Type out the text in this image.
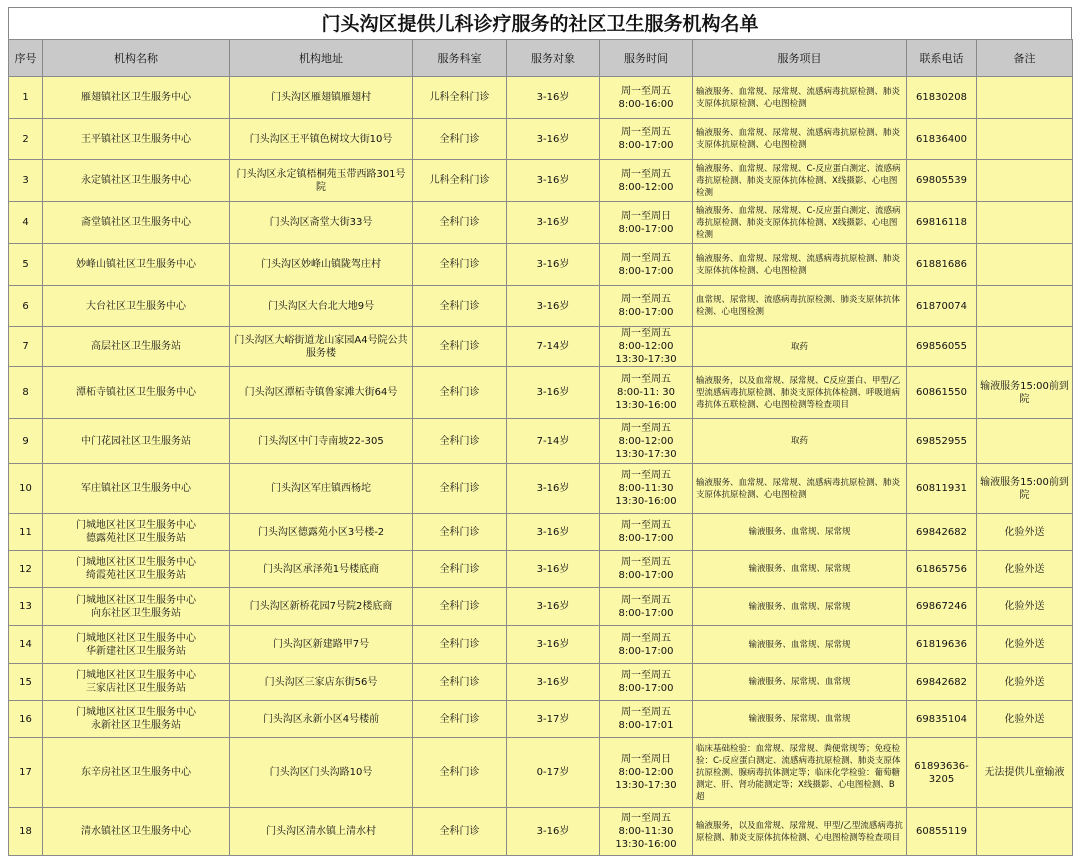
门头沟区提供儿科诊疗服务的社区卫生服务机构名单
序号	机构名称	机构地址	服务科室	服务对象	服务时间	服务项目	联系电话	备注
1	雁翅镇社区卫生服务中心	门头沟区雁翅镇雁翅村	儿科全科门诊	3-16岁	周一至周五
8:00-16:00	输液服务、血常规、尿常规、流感病毒抗原检测、肺炎支原体抗原检测、心电图检测	61830208	
2	王平镇社区卫生服务中心	门头沟区王平镇色树坟大街10号	全科门诊	3-16岁	周一至周五
8:00-17:00	输液服务、血常规、尿常规、流感病毒抗原检测、肺炎支原体抗原检测、心电图检测	61836400	
3	永定镇社区卫生服务中心	门头沟区永定镇梧桐苑玉带西路301号院	儿科全科门诊	3-16岁	周一至周五
8:00-12:00	输液服务、血常规、尿常规、C-反应蛋白测定、流感病毒抗原检测、肺炎支原体抗体检测、X线摄影、心电图检测	69805539	
4	斋堂镇社区卫生服务中心	门头沟区斋堂大街33号	全科门诊	3-16岁	周一至周日
8:00-17:00	输液服务、血常规、尿常规、C-反应蛋白测定、流感病毒抗原检测、肺炎支原体抗体检测、X线摄影、心电图检测	69816118	
5	妙峰山镇社区卫生服务中心	门头沟区妙峰山镇陇驾庄村	全科门诊	3-16岁	周一至周五
8:00-17:00	输液服务、血常规、尿常规、流感病毒抗原检测、肺炎支原体抗体检测、心电图检测	61881686	
6	大台社区卫生服务中心	门头沟区大台北大地9号	全科门诊	3-16岁	周一至周五
8:00-17:00	血常规、尿常规、流感病毒抗原检测、肺炎支原体抗体检测、心电图检测	61870074	
7	高层社区卫生服务站	门头沟区大峪街道龙山家园A4号院公共服务楼	全科门诊	7-14岁	周一至周五
8:00-12:00
13:30-17:30	取药	69856055	
8	潭柘寺镇社区卫生服务中心	门头沟区潭柘寺镇鲁家滩大街64号	全科门诊	3-16岁	周一至周五
8:00-11: 30
13:30-16:00	输液服务，以及血常规、尿常规、C反应蛋白、甲型/乙型流感病毒抗原检测、肺炎支原体抗体检测、呼吸道病毒抗体五联检测、心电图检测等检查项目	60861550	输液服务15:00前到院
9	中门花园社区卫生服务站	门头沟区中门寺南坡22-305	全科门诊	7-14岁	周一至周五
8:00-12:00
13:30-17:30	取药	69852955	
10	军庄镇社区卫生服务中心	门头沟区军庄镇西杨坨	全科门诊	3-16岁	周一至周五
8:00-11:30
13:30-16:00	输液服务、血常规、尿常规、流感病毒抗原检测、肺炎支原体抗原检测、心电图检测	60811931	输液服务15:00前到院
11	门城地区社区卫生服务中心
德露苑社区卫生服务站	门头沟区德露苑小区3号楼-2	全科门诊	3-16岁	周一至周五
8:00-17:00	输液服务、血常规、尿常规	69842682	化验外送
12	门城地区社区卫生服务中心
绮霞苑社区卫生服务站	门头沟区承泽苑1号楼底商	全科门诊	3-16岁	周一至周五
8:00-17:00	输液服务、血常规、尿常规	61865756	化验外送
13	门城地区社区卫生服务中心
向东社区卫生服务站	门头沟区新桥花园7号院2楼底商	全科门诊	3-16岁	周一至周五
8:00-17:00	输液服务、血常规、尿常规	69867246	化验外送
14	门城地区社区卫生服务中心
华新建社区卫生服务站	门头沟区新建路甲7号	全科门诊	3-16岁	周一至周五
8:00-17:00	输液服务、血常规、尿常规	61819636	化验外送
15	门城地区社区卫生服务中心
三家店社区卫生服务站	门头沟区三家店东街56号	全科门诊	3-16岁	周一至周五
8:00-17:00	输液服务、尿常规、血常规	69842682	化验外送
16	门城地区社区卫生服务中心
永新社区卫生服务站	门头沟区永新小区4号楼前	全科门诊	3-17岁	周一至周五
8:00-17:01	输液服务、尿常规、血常规	69835104	化验外送
17	东辛房社区卫生服务中心	门头沟区门头沟路10号	全科门诊	0-17岁	周一至周日
8:00-12:00
13:30-17:30	临床基础检验：血常规、尿常规、粪便常规等；免疫检验：C-反应蛋白测定、流感病毒抗原检测、肺炎支原体抗原检测、腺病毒抗体测定等；临床化学检验：葡萄糖测定、肝、肾功能测定等；X线摄影、心电图检测、B超	61893636-3205	无法提供儿童输液
18	清水镇社区卫生服务中心	门头沟区清水镇上清水村	全科门诊	3-16岁	周一至周五
8:00-11:30
13:30-16:00	输液服务，以及血常规、尿常规、甲型/乙型流感病毒抗原检测、肺炎支原体抗体检测、心电图检测等检查项目	60855119	
